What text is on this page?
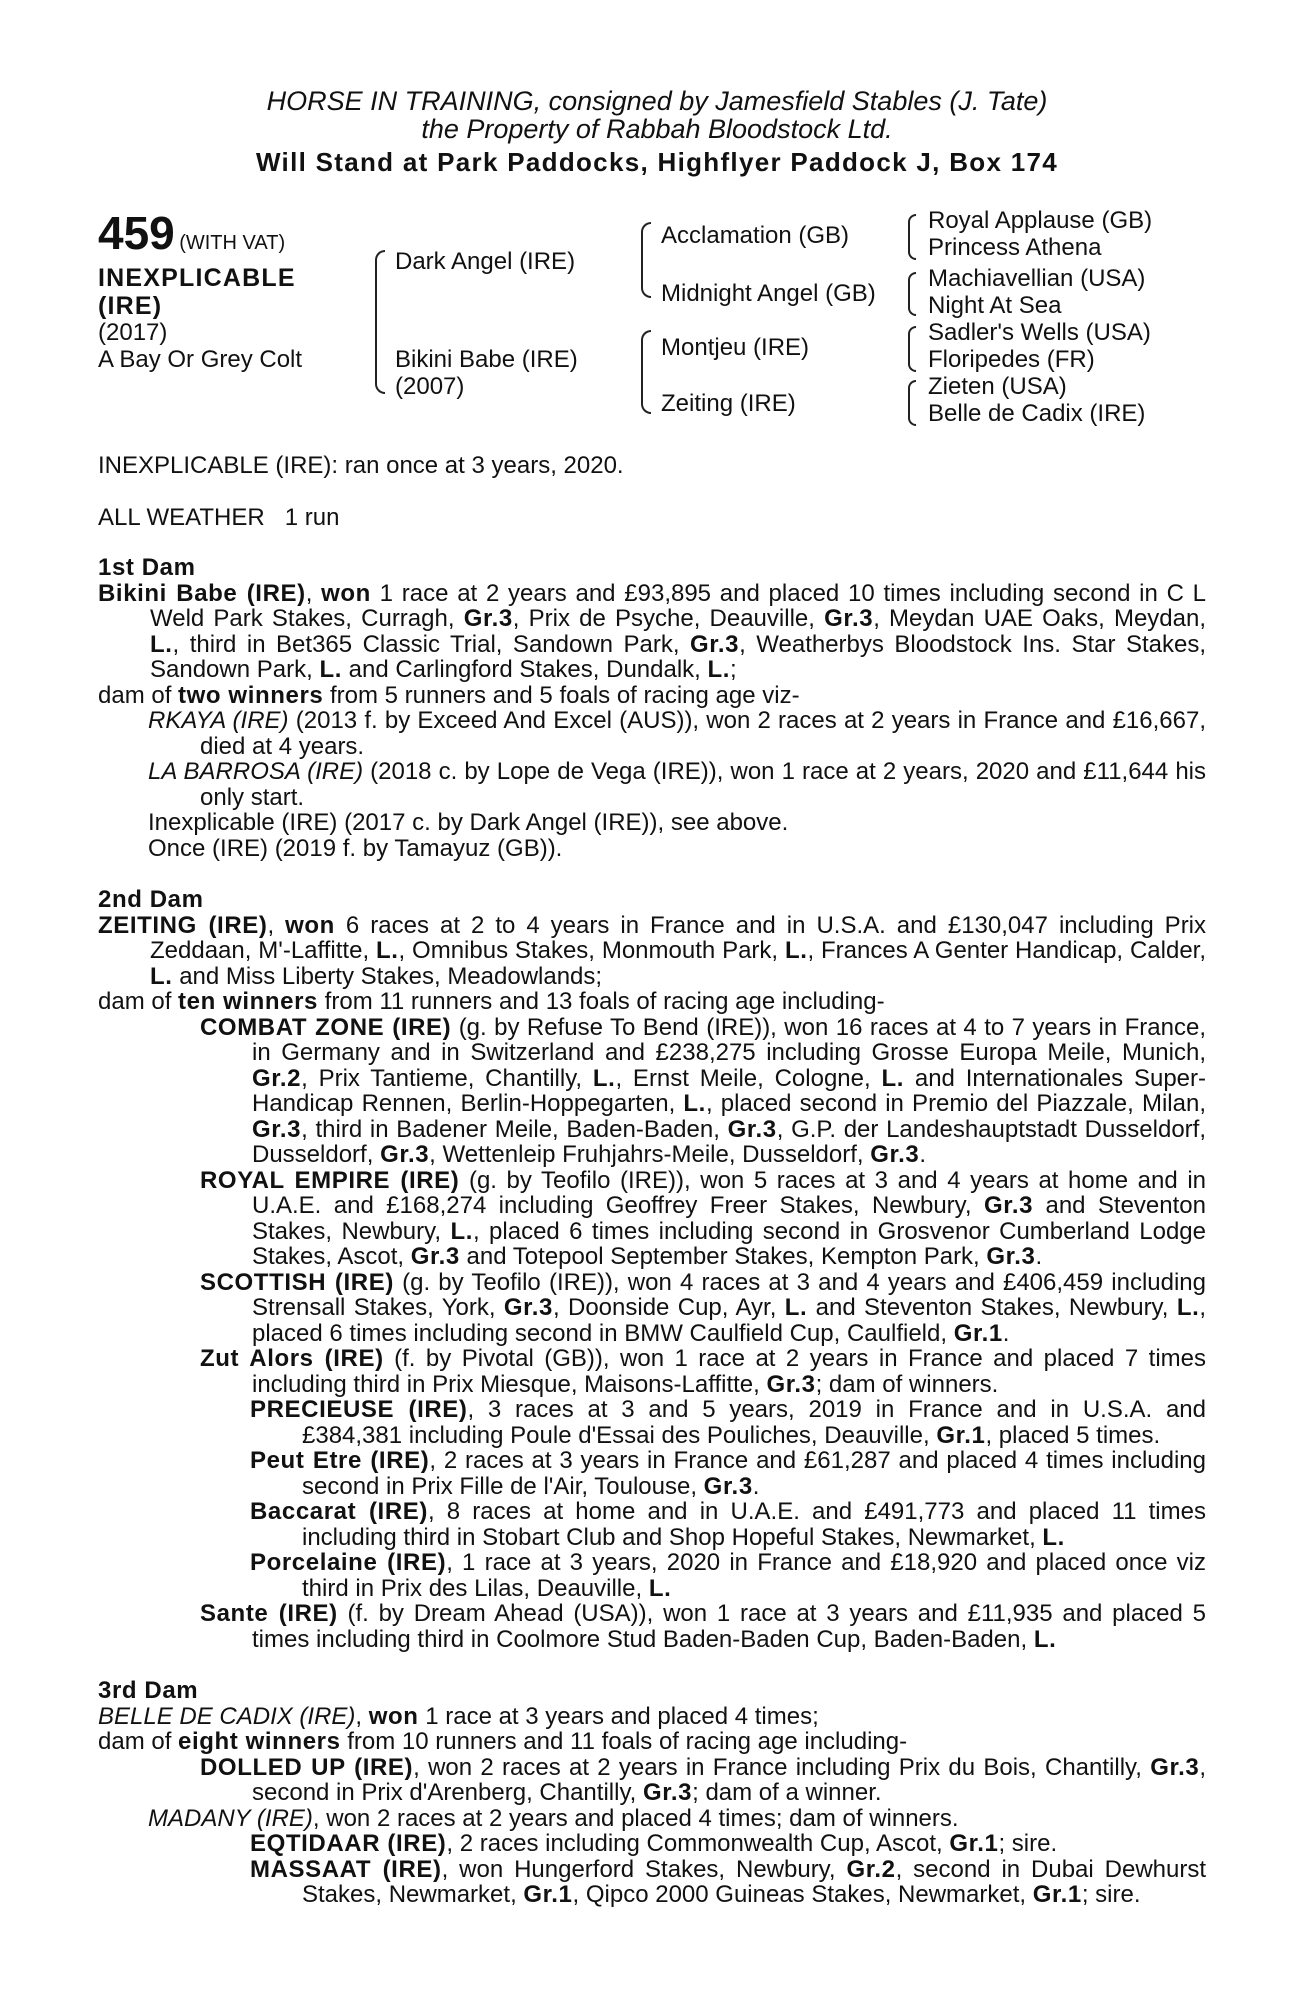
HORSE IN TRAINING, consigned by Jamesfield Stables (J. Tate)
the Property of Rabbah Bloodstock Ltd.
Will Stand at Park Paddocks, Highflyer Paddock J, Box 174
459 (WITH VAT)
INEXPLICABLE
(IRE)
(2017)
A Bay Or Grey Colt
Dark Angel (IRE)
Bikini Babe (IRE)
(2007)
Acclamation (GB)
Midnight Angel (GB)
Montjeu (IRE)
Zeiting (IRE)
Royal Applause (GB)
Princess Athena
Machiavellian (USA)
Night At Sea
Sadler's Wells (USA)
Floripedes (FR)
Zieten (USA)
Belle de Cadix (IRE)
INEXPLICABLE (IRE): ran once at 3 years, 2020.
ALL WEATHER 1 run
1st Dam
Bikini Babe (IRE), won 1 race at 2 years and £93,895 and placed 10 times including second in C L Weld Park Stakes, Curragh, Gr.3, Prix de Psyche, Deauville, Gr.3, Meydan UAE Oaks, Meydan, L., third in Bet365 Classic Trial, Sandown Park, Gr.3, Weatherbys Bloodstock Ins. Star Stakes, Sandown Park, L. and Carlingford Stakes, Dundalk, L.;
dam of two winners from 5 runners and 5 foals of racing age viz-
RKAYA (IRE) (2013 f. by Exceed And Excel (AUS)), won 2 races at 2 years in France and £16,667, died at 4 years.
LA BARROSA (IRE) (2018 c. by Lope de Vega (IRE)), won 1 race at 2 years, 2020 and £11,644 his only start.
Inexplicable (IRE) (2017 c. by Dark Angel (IRE)), see above.
Once (IRE) (2019 f. by Tamayuz (GB)).
2nd Dam
ZEITING (IRE), won 6 races at 2 to 4 years in France and in U.S.A. and £130,047 including Prix Zeddaan, M'-Laffitte, L., Omnibus Stakes, Monmouth Park, L., Frances A Genter Handicap, Calder, L. and Miss Liberty Stakes, Meadowlands;
dam of ten winners from 11 runners and 13 foals of racing age including-
COMBAT ZONE (IRE) (g. by Refuse To Bend (IRE)), won 16 races at 4 to 7 years in France, in Germany and in Switzerland and £238,275 including Grosse Europa Meile, Munich, Gr.2, Prix Tantieme, Chantilly, L., Ernst Meile, Cologne, L. and Internationales Super-Handicap Rennen, Berlin-Hoppegarten, L., placed second in Premio del Piazzale, Milan, Gr.3, third in Badener Meile, Baden-Baden, Gr.3, G.P. der Landeshauptstadt Dusseldorf, Dusseldorf, Gr.3, Wettenleip Fruhjahrs-Meile, Dusseldorf, Gr.3.
ROYAL EMPIRE (IRE) (g. by Teofilo (IRE)), won 5 races at 3 and 4 years at home and in U.A.E. and £168,274 including Geoffrey Freer Stakes, Newbury, Gr.3 and Steventon Stakes, Newbury, L., placed 6 times including second in Grosvenor Cumberland Lodge Stakes, Ascot, Gr.3 and Totepool September Stakes, Kempton Park, Gr.3.
SCOTTISH (IRE) (g. by Teofilo (IRE)), won 4 races at 3 and 4 years and £406,459 including Strensall Stakes, York, Gr.3, Doonside Cup, Ayr, L. and Steventon Stakes, Newbury, L., placed 6 times including second in BMW Caulfield Cup, Caulfield, Gr.1.
Zut Alors (IRE) (f. by Pivotal (GB)), won 1 race at 2 years in France and placed 7 times including third in Prix Miesque, Maisons-Laffitte, Gr.3; dam of winners.
PRECIEUSE (IRE), 3 races at 3 and 5 years, 2019 in France and in U.S.A. and £384,381 including Poule d'Essai des Pouliches, Deauville, Gr.1, placed 5 times.
Peut Etre (IRE), 2 races at 3 years in France and £61,287 and placed 4 times including second in Prix Fille de l'Air, Toulouse, Gr.3.
Baccarat (IRE), 8 races at home and in U.A.E. and £491,773 and placed 11 times including third in Stobart Club and Shop Hopeful Stakes, Newmarket, L.
Porcelaine (IRE), 1 race at 3 years, 2020 in France and £18,920 and placed once viz third in Prix des Lilas, Deauville, L.
Sante (IRE) (f. by Dream Ahead (USA)), won 1 race at 3 years and £11,935 and placed 5 times including third in Coolmore Stud Baden-Baden Cup, Baden-Baden, L.
3rd Dam
BELLE DE CADIX (IRE), won 1 race at 3 years and placed 4 times;
dam of eight winners from 10 runners and 11 foals of racing age including-
DOLLED UP (IRE), won 2 races at 2 years in France including Prix du Bois, Chantilly, Gr.3, second in Prix d'Arenberg, Chantilly, Gr.3; dam of a winner.
MADANY (IRE), won 2 races at 2 years and placed 4 times; dam of winners.
EQTIDAAR (IRE), 2 races including Commonwealth Cup, Ascot, Gr.1; sire.
MASSAAT (IRE), won Hungerford Stakes, Newbury, Gr.2, second in Dubai Dewhurst Stakes, Newmarket, Gr.1, Qipco 2000 Guineas Stakes, Newmarket, Gr.1; sire.
